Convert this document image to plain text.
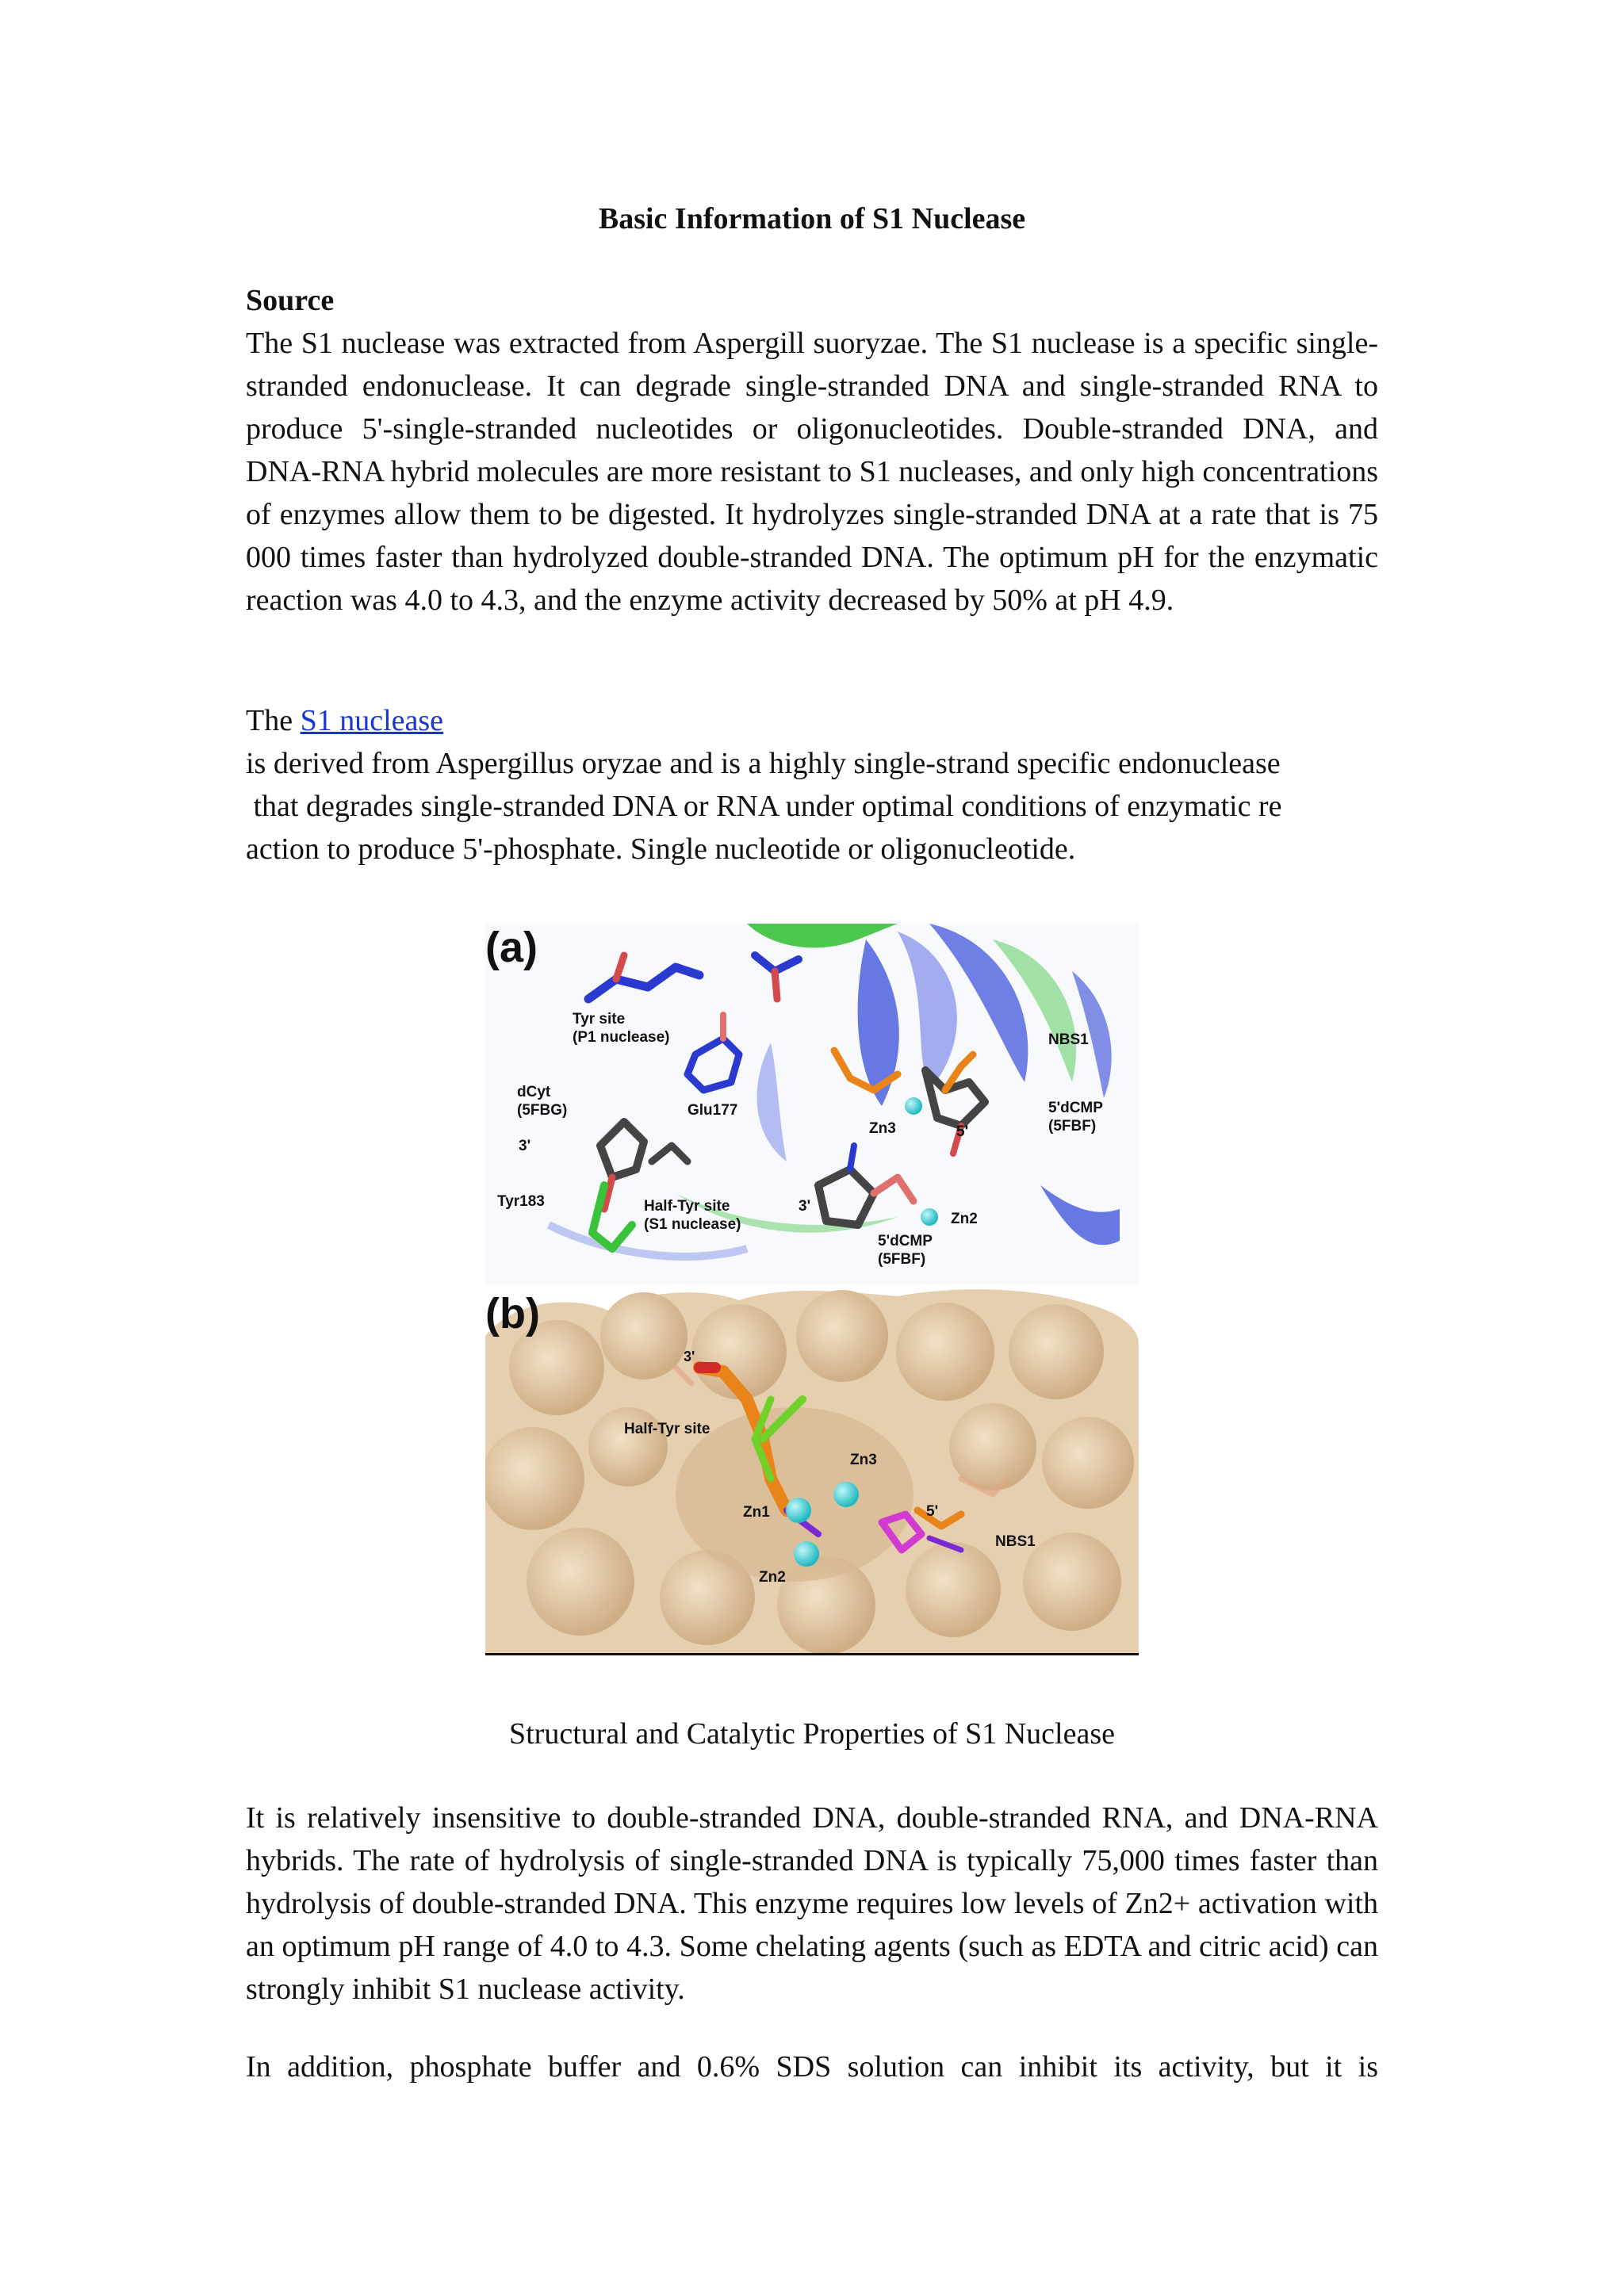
Basic Information of S1 Nuclease
Source
The S1 nuclease was extracted from Aspergill suoryzae. The S1 nuclease is a specific single-stranded endonuclease. It can degrade single-stranded DNA and single-stranded RNA to produce 5'-single-stranded nucleotides or oligonucleotides. Double-stranded DNA, and DNA-RNA hybrid molecules are more resistant to S1 nucleases, and only high concentrations of enzymes allow them to be digested. It hydrolyzes single-stranded DNA at a rate that is 75 000 times faster than hydrolyzed double-stranded DNA. The optimum pH for the enzymatic reaction was 4.0 to 4.3, and the enzyme activity decreased by 50% at pH 4.9.
The S1 nuclease
is derived from Aspergillus oryzae and is a highly single-strand specific endonuclease
that degrades single-stranded DNA or RNA under optimal conditions of enzymatic re
action to produce 5'-phosphate. Single nucleotide or oligonucleotide.
(a)
Tyr site
(P1 nuclease)	NBS1
dCyt
(5FBG)	Glu177
Zn3	5'
5'dCMP
(5FBF)
3'
Tyr183	Half-Tyr site
(S1 nuclease)
3'
Zn2
5'dCMP
(5FBF)
(b)
3'
Half-Tyr site
Zn3
Zn1	5'
NBS1
Zn2
Structural and Catalytic Properties of S1 Nuclease
It is relatively insensitive to double-stranded DNA, double-stranded RNA, and DNA-RNA hybrids. The rate of hydrolysis of single-stranded DNA is typically 75,000 times faster than hydrolysis of double-stranded DNA. This enzyme requires low levels of Zn2+ activation with an optimum pH range of 4.0 to 4.3. Some chelating agents (such as EDTA and citric acid) can strongly inhibit S1 nuclease activity.
In addition, phosphate buffer and 0.6% SDS solution can inhibit its activity, but it is
